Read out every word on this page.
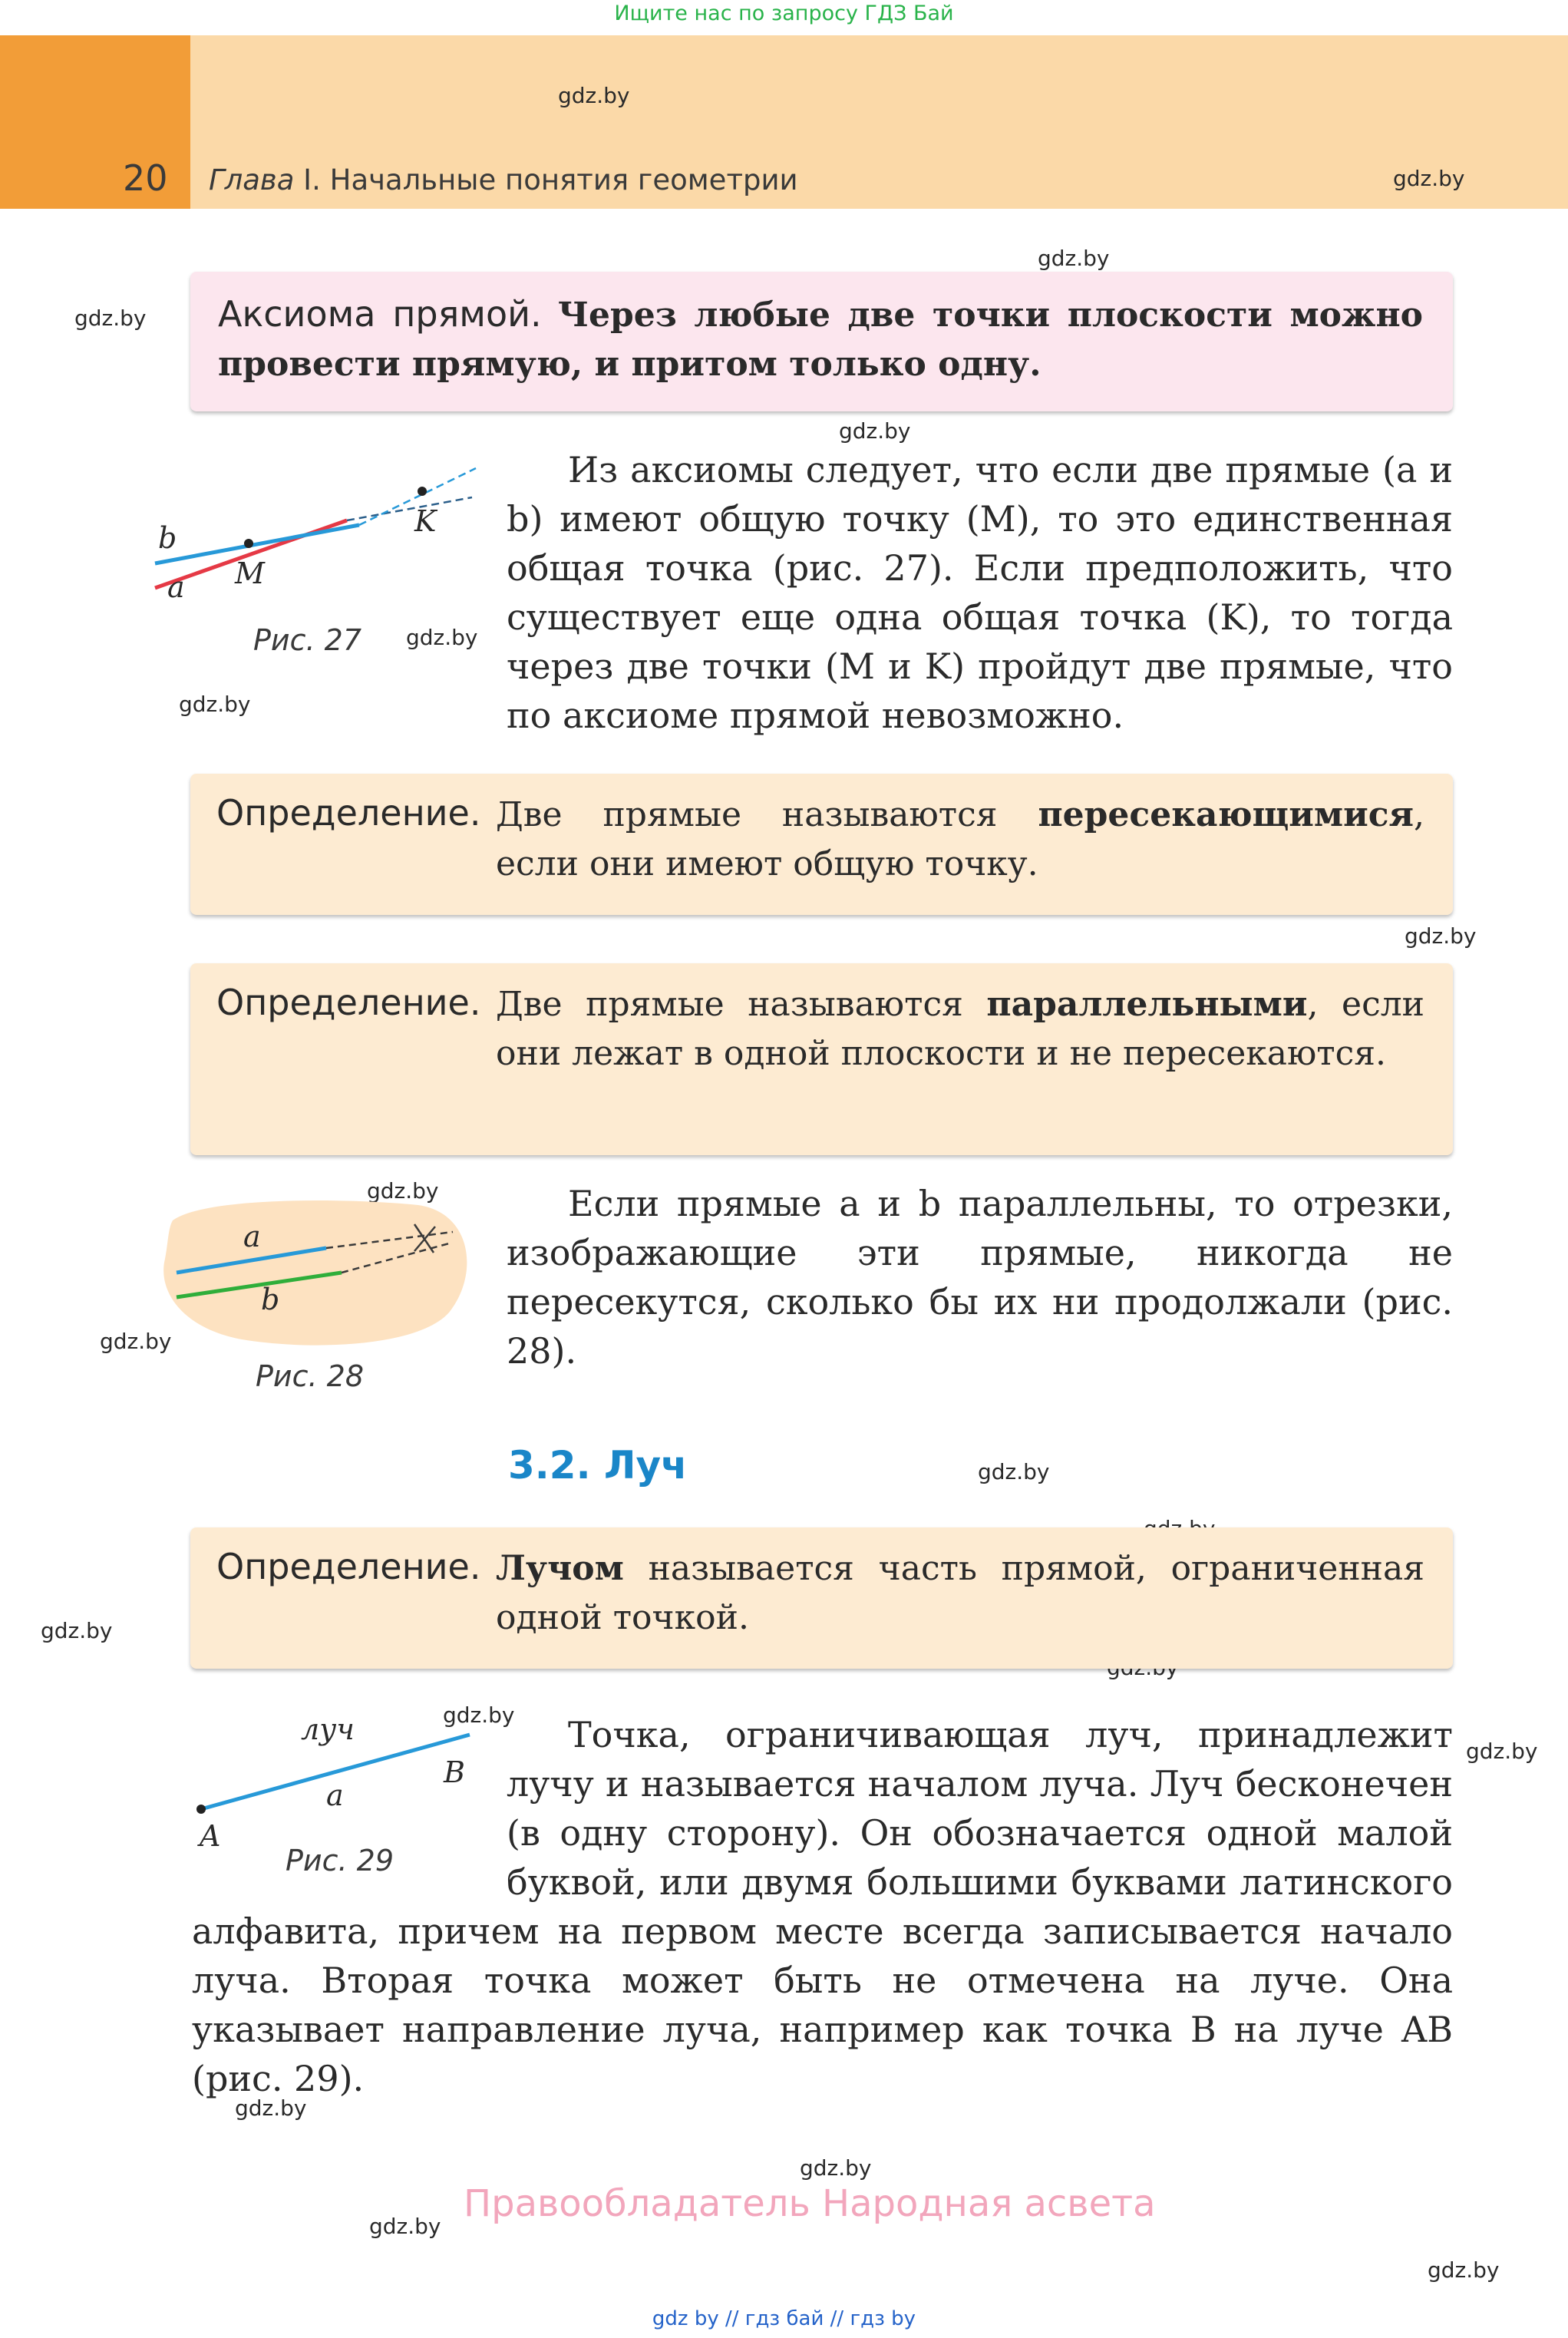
Ищите нас по запросу ГДЗ Бай
20 Глава I. Начальные понятия геометрии
gdz.by
gdz.by
gdz.by
gdz.by
gdz.by
gdz.by
gdz.by
gdz.by
gdz.by
gdz.by
gdz.by
gdz.by
gdz.by
gdz.by
gdz.by
gdz.by
gdz.by
gdz.by
Аксиома прямой. Через любые две точки плоскости можно провести прямую, и притом только одну.
b
a M
K
Рис. 27
Из аксиомы следует, что если две прямые (a и b) имеют общую точку (M), то это единственная общая точка (рис. 27). Если предположить, что существует еще одна общая точка (K), то тогда через две точки (M и K) пройдут две прямые, что по аксиоме прямой невозможно.
Определение. Две прямые называются пересекающимися, если они имеют общую точку.
Определение. Две прямые называются параллельными, если они лежат в одной плоскости и не пересекаются.
a
b
Рис. 28
Если прямые a и b параллельны, то отрезки, изображающие эти прямые, никогда не пересекутся, сколько бы их ни продолжали (рис. 28).
3.2. Луч
Определение. Лучом называется часть прямой, ограниченная одной точкой.
луч
a
A
B
Рис. 29
Точка, ограничивающая луч, принадлежит лучу и называется началом луча. Луч бесконечен (в одну сторону). Он обозначается одной малой буквой, или двумя большими буквами латинского алфавита, причем на первом месте всегда записывается начало луча. Вторая точка может быть не отмечена на луче. Она указывает направление луча, например как точка B на луче AB (рис. 29).
Правообладатель Народная асвета
gdz by // гдз бай // гдз by
